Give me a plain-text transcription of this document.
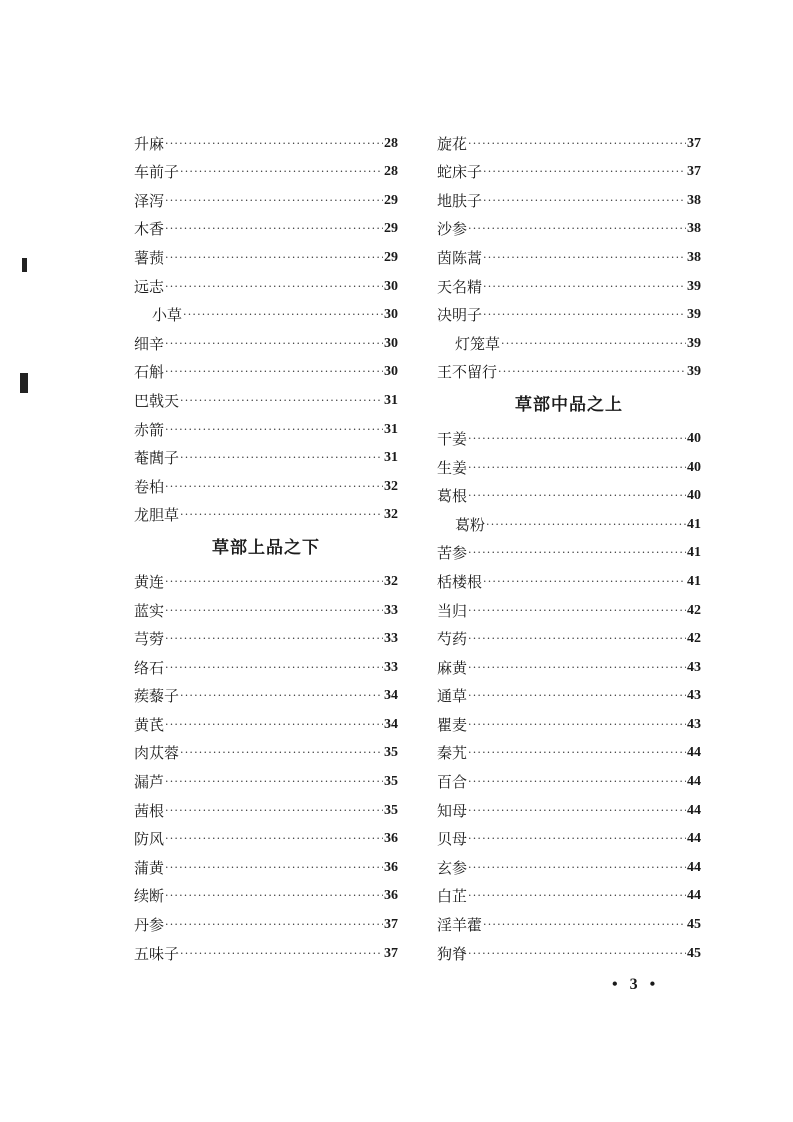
升麻 ·····	28
车前子 ·····	28
泽泻 ·····	29
木香 ·····	29
薯蓣 ·····	29
远志 ·····	30
小草 ·····	30
细辛 ·····	30
石斛 ·····	30
巴戟天 ·····	31
赤箭 ·····	31
菴䕡子 ·····	31
卷柏 ·····	32
龙胆草 ·····	32
草部上品之下
黄连 ·····	32
蓝实 ·····	33
芎䓖 ·····	33
络石 ·····	33
蒺藜子 ·····	34
黄芪 ·····	34
肉苁蓉 ·····	35
漏芦 ·····	35
茜根 ·····	35
防风 ·····	36
蒲黄 ·····	36
续断 ·····	36
丹参 ·····	37
五味子 ·····	37
旋花 ·····	37
蛇床子 ·····	37
地肤子 ·····	38
沙参 ·····	38
茵陈蒿 ·····	38
天名精 ·····	39
决明子 ·····	39
灯笼草 ·····	39
王不留行 ·····	39
草部中品之上
干姜 ·····	40
生姜 ·····	40
葛根 ·····	40
葛粉 ·····	41
苦参 ·····	41
栝楼根 ·····	41
当归 ·····	42
芍药 ·····	42
麻黄 ·····	43
通草 ·····	43
瞿麦 ·····	43
秦艽 ·····	44
百合 ·····	44
知母 ·····	44
贝母 ·····	44
玄参 ·····	44
白芷 ·····	44
淫羊藿 ·····	45
狗脊 ·····	45
• 3 •
